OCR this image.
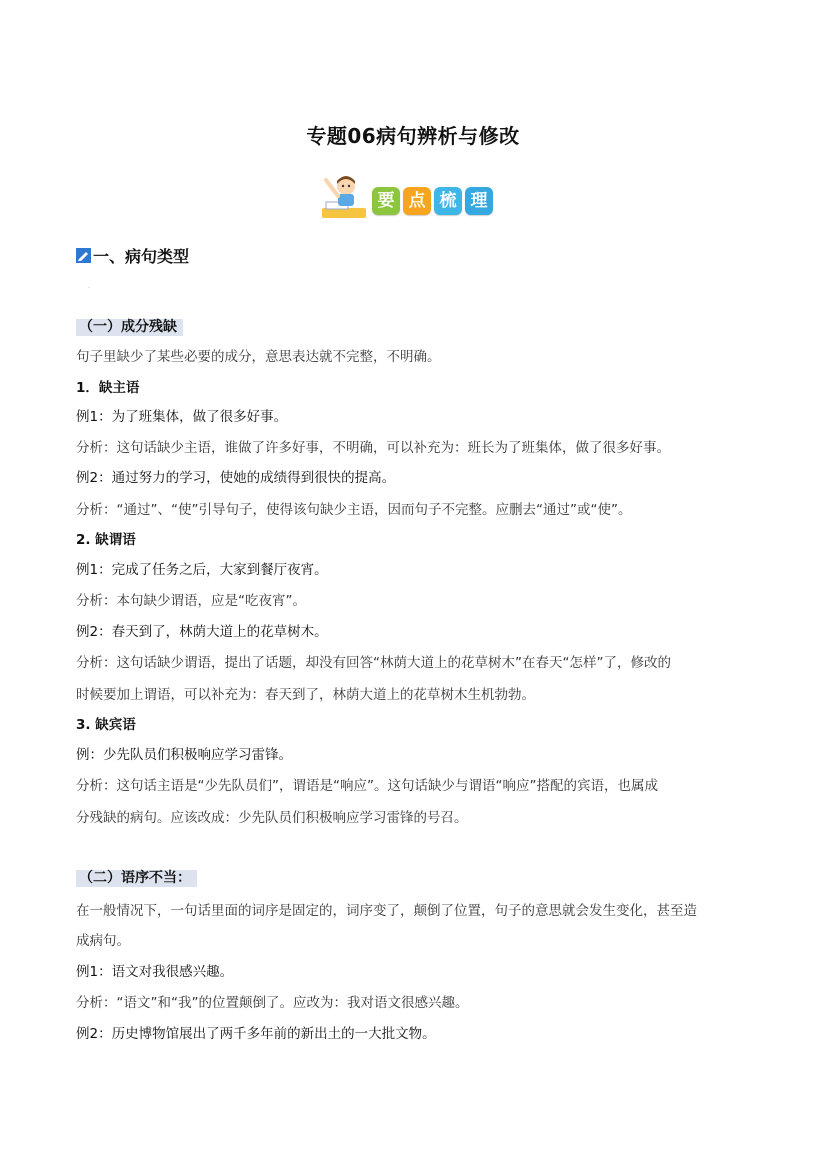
专题06病句辨析与修改
要 点 梳 理
一、病句类型
·
（一）成分残缺
句子里缺少了某些必要的成分，意思表达就不完整，不明确。
1．缺主语
例1：为了班集体，做了很多好事。
分析：这句话缺少主语，谁做了许多好事，不明确，可以补充为：班长为了班集体，做了很多好事。
例2：通过努力的学习，使她的成绩得到很快的提高。
分析：“通过”、“使”引导句子，使得该句缺少主语，因而句子不完整。应删去“通过”或“使”。
2. 缺谓语
例1：完成了任务之后，大家到餐厅夜宵。
分析：本句缺少谓语，应是“吃夜宵”。
例2：春天到了，林荫大道上的花草树木。
分析：这句话缺少谓语，提出了话题，却没有回答“林荫大道上的花草树木”在春天“怎样”了，修改的
时候要加上谓语，可以补充为：春天到了，林荫大道上的花草树木生机勃勃。
3. 缺宾语
例：少先队员们积极响应学习雷锋。
分析：这句话主语是“少先队员们”，谓语是“响应”。这句话缺少与谓语“响应”搭配的宾语，也属成
分残缺的病句。应该改成：少先队员们积极响应学习雷锋的号召。
（二）语序不当：
在一般情况下，一句话里面的词序是固定的，词序变了，颠倒了位置，句子的意思就会发生变化，甚至造
成病句。
例1：语文对我很感兴趣。
分析：“语文”和“我”的位置颠倒了。应改为：我对语文很感兴趣。
例2：历史博物馆展出了两千多年前的新出土的一大批文物。
